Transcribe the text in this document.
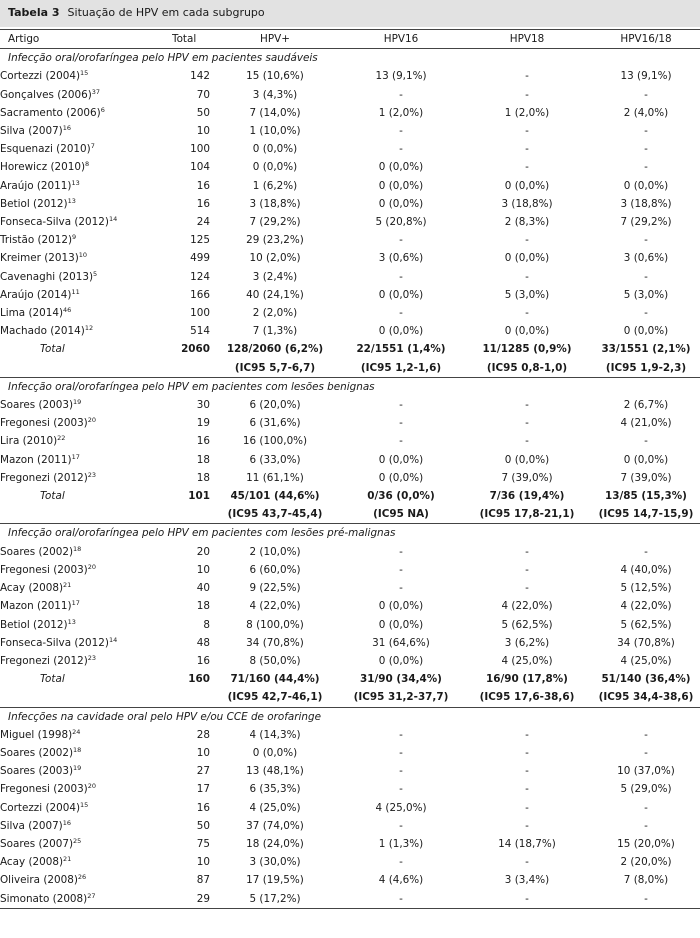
Tabela 3 Situação de HPV em cada subgrupo
Artigo	Total	HPV+	HPV16	HPV18	HPV16/18
Infecção oral/orofaríngea pelo HPV em pacientes saudáveis					
Cortezzi $(2004)^{15}$	142	15 (10,6%)	13 (9,1%)	-	13 (9,1%)
Gonçalves $(2006)^{37}$	70	3 (4,3%)	-	-	-
Sacramento $(2006)^6$	50	7 (14,0%)	1 (2,0%)	1 (2,0%)	2 (4,0%)
Silva $(2007)^{16}$	10	1 (10,0%)	-	-	-
Esquenazi $(2010)^7$	100	0 (0,0%)	-	-	-
Horewicz $(2010)^8$	104	0 (0,0%)	0 (0,0%)	-	-
Araújo $(2011)^{13}$	16	1 (6,2%)	0 (0,0%)	0 (0,0%)	0 (0,0%)
Betiol $(2012)^{13}$	16	3 (18,8%)	0 (0,0%)	3 (18,8%)	3 (18,8%)
Fonseca-Silva $(2012)^{14}$	24	7 (29,2%)	5 (20,8%)	2 (8,3%)	7 (29,2%)
Tristão $(2012)^9$	125	29 (23,2%)	-	-	-
Kreimer $(2013)^{10}$	499	10 (2,0%)	3 (0,6%)	0 (0,0%)	3 (0,6%)
Cavenaghi $(2013)^5$	124	3 (2,4%)	-	-	-
Araújo $(2014)^{11}$	166	40 (24,1%)	0 (0,0%)	5 (3,0%)	5 (3,0%)
Lima $(2014)^{46}$	100	2 (2,0%)	-	-	-
Machado $(2014)^{12}$	514	7 (1,3%)	0 (0,0%)	0 (0,0%)	0 (0,0%)
Total	2060	128/2060 (6,2%)	22/1551 (1,4%)	11/1285 (0,9%)	33/1551 (2,1%)
		(IC95 5,7-6,7)	(IC95 1,2-1,6)	(IC95 0,8-1,0)	(IC95 1,9-2,3)
Infecção oral/orofaríngea pelo HPV em pacientes com lesões benignas					
Soares $(2003)^{19}$	30	6 (20,0%)	-	-	2 (6,7%)
Fregonesi $(2003)^{20}$	19	6 (31,6%)	-	-	4 (21,0%)
Lira $(2010)^{22}$	16	16 (100,0%)	-	-	-
Mazon $(2011)^{17}$	18	6 (33,0%)	0 (0,0%)	0 (0,0%)	0 (0,0%)
Fregonezi $(2012)^{23}$	18	11 (61,1%)	0 (0,0%)	7 (39,0%)	7 (39,0%)
Total	101	45/101 (44,6%)	0/36 (0,0%)	7/36 (19,4%)	13/85 (15,3%)
		(IC95 43,7-45,4)	(IC95 NA)	(IC95 17,8-21,1)	(IC95 14,7-15,9)
Infecção oral/orofaríngea pelo HPV em pacientes com lesões pré-malignas					
Soares $(2002)^{18}$	20	2 (10,0%)	-	-	-
Fregonesi $(2003)^{20}$	10	6 (60,0%)	-	-	4 (40,0%)
Acay $(2008)^{21}$	40	9 (22,5%)	-	-	5 (12,5%)
Mazon $(2011)^{17}$	18	4 (22,0%)	0 (0,0%)	4 (22,0%)	4 (22,0%)
Betiol $(2012)^{13}$	8	8 (100,0%)	0 (0,0%)	5 (62,5%)	5 (62,5%)
Fonseca-Silva $(2012)^{14}$	48	34 (70,8%)	31 (64,6%)	3 (6,2%)	34 (70,8%)
Fregonezi $(2012)^{23}$	16	8 (50,0%)	0 (0,0%)	4 (25,0%)	4 (25,0%)
Total	160	71/160 (44,4%)	31/90 (34,4%)	16/90 (17,8%)	51/140 (36,4%)
		(IC95 42,7-46,1)	(IC95 31,2-37,7)	(IC95 17,6-38,6)	(IC95 34,4-38,6)
Infecções na cavidade oral pelo HPV e/ou CCE de orofaringe					
Miguel $(1998)^{24}$	28	4 (14,3%)	-	-	-
Soares $(2002)^{18}$	10	0 (0,0%)	-	-	-
Soares $(2003)^{19}$	27	13 (48,1%)	-	-	10 (37,0%)
Fregonesi $(2003)^{20}$	17	6 (35,3%)	-	-	5 (29,0%)
Cortezzi $(2004)^{15}$	16	4 (25,0%)	4 (25,0%)	-	-
Silva $(2007)^{16}$	50	37 (74,0%)	-	-	-
Soares $(2007)^{25}$	75	18 (24,0%)	1 (1,3%)	14 (18,7%)	15 (20,0%)
Acay $(2008)^{21}$	10	3 (30,0%)	-	-	2 (20,0%)
Oliveira $(2008)^{26}$	87	17 (19,5%)	4 (4,6%)	3 (3,4%)	7 (8,0%)
Simonato $(2008)^{27}$	29	5 (17,2%)	-	-	-
